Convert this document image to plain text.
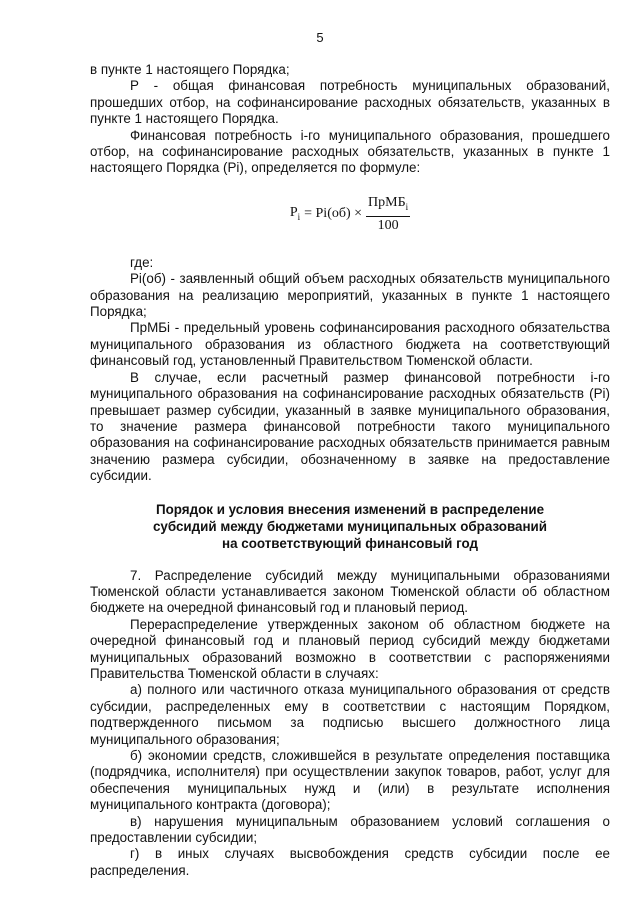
5

в пункте 1 настоящего Порядка;

Р - общая финансовая потребность муниципальных образований, прошедших отбор, на софинансирование расходных обязательств, указанных в пункте 1 настоящего Порядка.

Финансовая потребность i-го муниципального образования, прошедшего отбор, на софинансирование расходных обязательств, указанных в пункте 1 настоящего Порядка (Pi), определяется по формуле:

$P_i = Pi(об) \times \frac{ПрМБ_i}{100}$

где:

Pi(об) - заявленный общий объем расходных обязательств муниципального образования на реализацию мероприятий, указанных в пункте 1 настоящего Порядка;

ПрМБi - предельный уровень софинансирования расходного обязательства муниципального образования из областного бюджета на соответствующий финансовый год, установленный Правительством Тюменской области.

В случае, если расчетный размер финансовой потребности i-го муниципального образования на софинансирование расходных обязательств (Pi) превышает размер субсидии, указанный в заявке муниципального образования, то значение размера финансовой потребности такого муниципального образования на софинансирование расходных обязательств принимается равным значению размера субсидии, обозначенному в заявке на предоставление субсидии.

Порядок и условия внесения изменений в распределение
субсидий между бюджетами муниципальных образований
на соответствующий финансовый год

7. Распределение субсидий между муниципальными образованиями Тюменской области устанавливается законом Тюменской области об областном бюджете на очередной финансовый год и плановый период.

Перераспределение утвержденных законом об областном бюджете на очередной финансовый год и плановый период субсидий между бюджетами муниципальных образований возможно в соответствии с распоряжениями Правительства Тюменской области в случаях:

а) полного или частичного отказа муниципального образования от средств субсидии, распределенных ему в соответствии с настоящим Порядком, подтвержденного письмом за подписью высшего должностного лица муниципального образования;

б) экономии средств, сложившейся в результате определения поставщика (подрядчика, исполнителя) при осуществлении закупок товаров, работ, услуг для обеспечения муниципальных нужд и (или) в результате исполнения муниципального контракта (договора);

в) нарушения муниципальным образованием условий соглашения о предоставлении субсидии;

г) в иных случаях высвобождения средств субсидии после ее распределения.
